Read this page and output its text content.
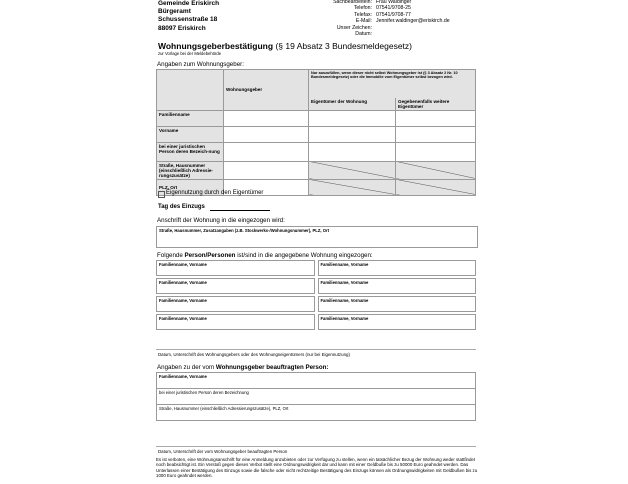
Gemeinde Eriskirch
Bürgeramt
Schussenstraße 18
88097 Eriskirch
Sachbearbeitein: Frau Waldinger
Telefon: 07541/9708-25
Telefax: 07541/9708-77
E-Mail: Jennifer.waldinger@eriskirch.de
Unser Zeichen:
Datum:
Wohnungsgeberbestätigung (§ 19 Absatz 3 Bundesmeldegesetz)
zur Vorlage bei der Meldebehörde
Angaben zum Wohnungsgeber:
	Wohnungsgeber	Nur auszufüllen, wenn dieser nicht selbst Wohnungsgeber ist (§ 3 Absatz 2 Nr. 10 Bundesmeldegesetz) oder die Immobilie vom Eigentümer selbst bezogen wird.	
		Eigentümer der Wohnung	Gegebenenfalls weitere Eigentümer
Familienname			
Vorname			
bei einer juristischen Person deren Bezeich-nung			
Straße, Hausnummer (einschließlich Adressie-rungszusätze)			
PLZ, Ort			
Eigennutzung durch den Eigentümer
Tag des Einzugs
Anschrift der Wohnung in die eingezogen wird:
Straße, Hausnummer, Zusatzangaben (z.B. Stockwerks-/Wohnungsnummer), PLZ, Ort
Folgende Person/Personen ist/sind in die angegebene Wohnung eingezogen:
Familienname, Vorname	Familienname, Vorname
Familienname, Vorname	Familienname, Vorname
Familienname, Vorname	Familienname, Vorname
Familienname, Vorname	Familienname, Vorname
Datum, Unterschrift des Wohnungsgebers oder des Wohnungseigentümers (nur bei Eigennutzung)
Angaben zu der vom Wohnungsgeber beauftragten Person:
Familienname, Vorname
bei einer juristischen Person deren Bezeichnung
Straße, Hausnummer (einschließlich Adressierungszusätze), PLZ, Ort
Datum, Unterschrift der vom Wohnungsgeber beauftragten Person
Es ist verboten, eine Wohnungsanschrift für eine Anmeldung anzubieten oder zur Verfügung zu stellen, wenn ein tatsächlicher Bezug der Wohnung weder stattfindet noch beabsichtigt ist. Ein Verstoß gegen dieses Verbot stellt eine Ordnungswidrigkeit dar und kann mit einer Geldbuße bis zu 50000 Euro geahndet werden. Das Unterlassen einer Bestätigung des Einzugs sowie die falsche oder nicht rechtzeitige Bestätigung des Einzugs können als Ordnungswidrigkeiten mit Geldbußen bis zu 1000 Euro geahndet werden.
